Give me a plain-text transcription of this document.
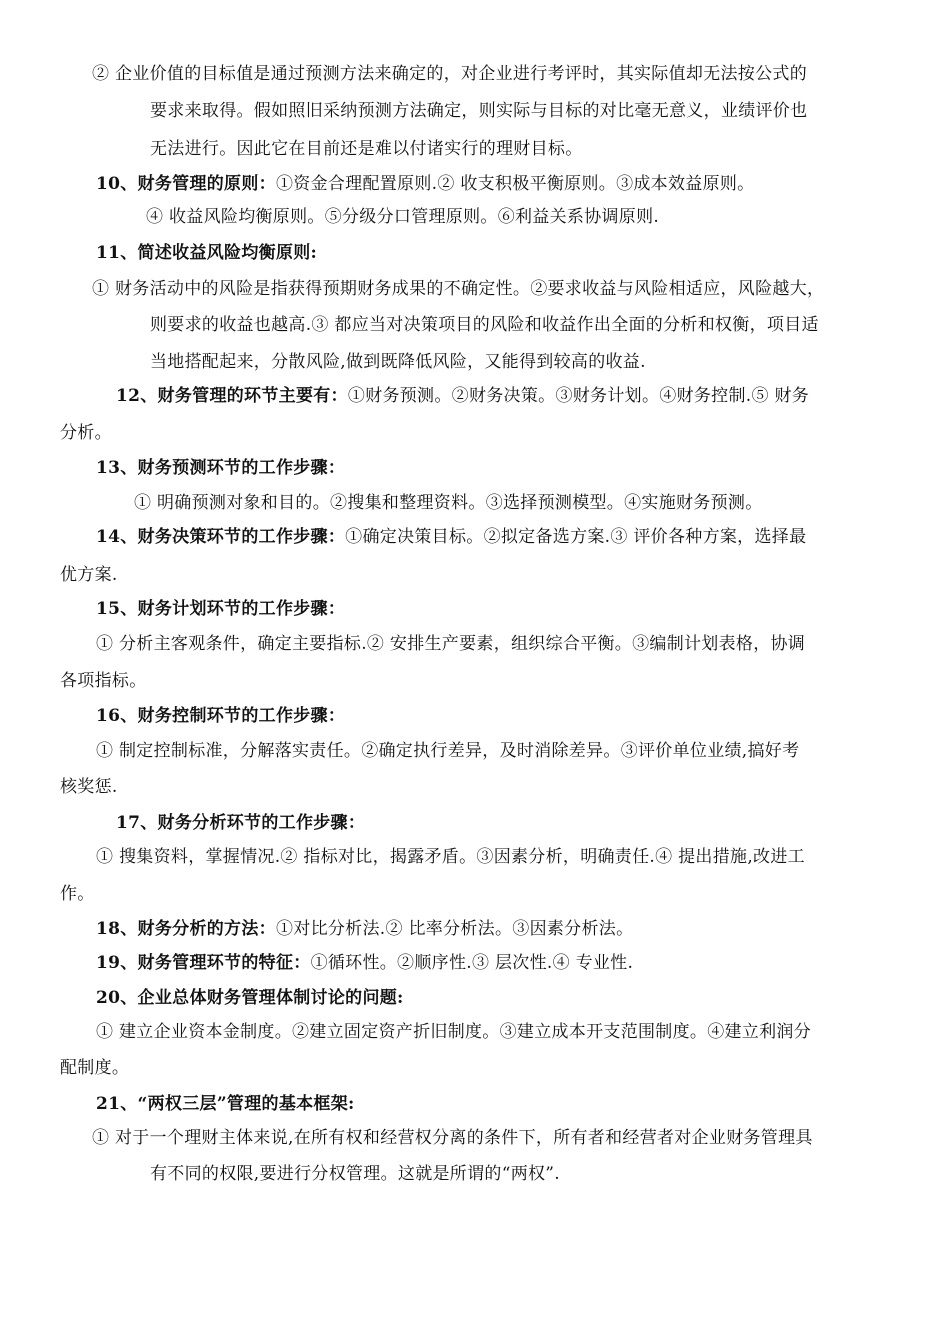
② 企业价值的目标值是通过预测方法来确定的，对企业进行考评时，其实际值却无法按公式的
要求来取得。假如照旧采纳预测方法确定，则实际与目标的对比毫无意义，业绩评价也
无法进行。因此它在目前还是难以付诸实行的理财目标。
10、财务管理的原则：①资金合理配置原则.② 收支积极平衡原则。③成本效益原则。
④ 收益风险均衡原则。⑤分级分口管理原则。⑥利益关系协调原则.
11、简述收益风险均衡原则:
① 财务活动中的风险是指获得预期财务成果的不确定性。②要求收益与风险相适应，风险越大，
则要求的收益也越高.③ 都应当对决策项目的风险和收益作出全面的分析和权衡，项目适
当地搭配起来，分散风险,做到既降低风险，又能得到较高的收益.
12、财务管理的环节主要有：①财务预测。②财务决策。③财务计划。④财务控制.⑤ 财务
分析。
13、财务预测环节的工作步骤：
① 明确预测对象和目的。②搜集和整理资料。③选择预测模型。④实施财务预测。
14、财务决策环节的工作步骤：①确定决策目标。②拟定备选方案.③ 评价各种方案，选择最
优方案.
15、财务计划环节的工作步骤：
① 分析主客观条件，确定主要指标.② 安排生产要素，组织综合平衡。③编制计划表格，协调
各项指标。
16、财务控制环节的工作步骤：
① 制定控制标准，分解落实责任。②确定执行差异，及时消除差异。③评价单位业绩,搞好考
核奖惩.
17、财务分析环节的工作步骤：
① 搜集资料，掌握情况.② 指标对比，揭露矛盾。③因素分析，明确责任.④ 提出措施,改进工
作。
18、财务分析的方法：①对比分析法.② 比率分析法。③因素分析法。
19、财务管理环节的特征：①循环性。②顺序性.③ 层次性.④ 专业性.
20、企业总体财务管理体制讨论的问题:
① 建立企业资本金制度。②建立固定资产折旧制度。③建立成本开支范围制度。④建立利润分
配制度。
21、“两权三层”管理的基本框架:
① 对于一个理财主体来说,在所有权和经营权分离的条件下，所有者和经营者对企业财务管理具
有不同的权限,要进行分权管理。这就是所谓的“两权”.
